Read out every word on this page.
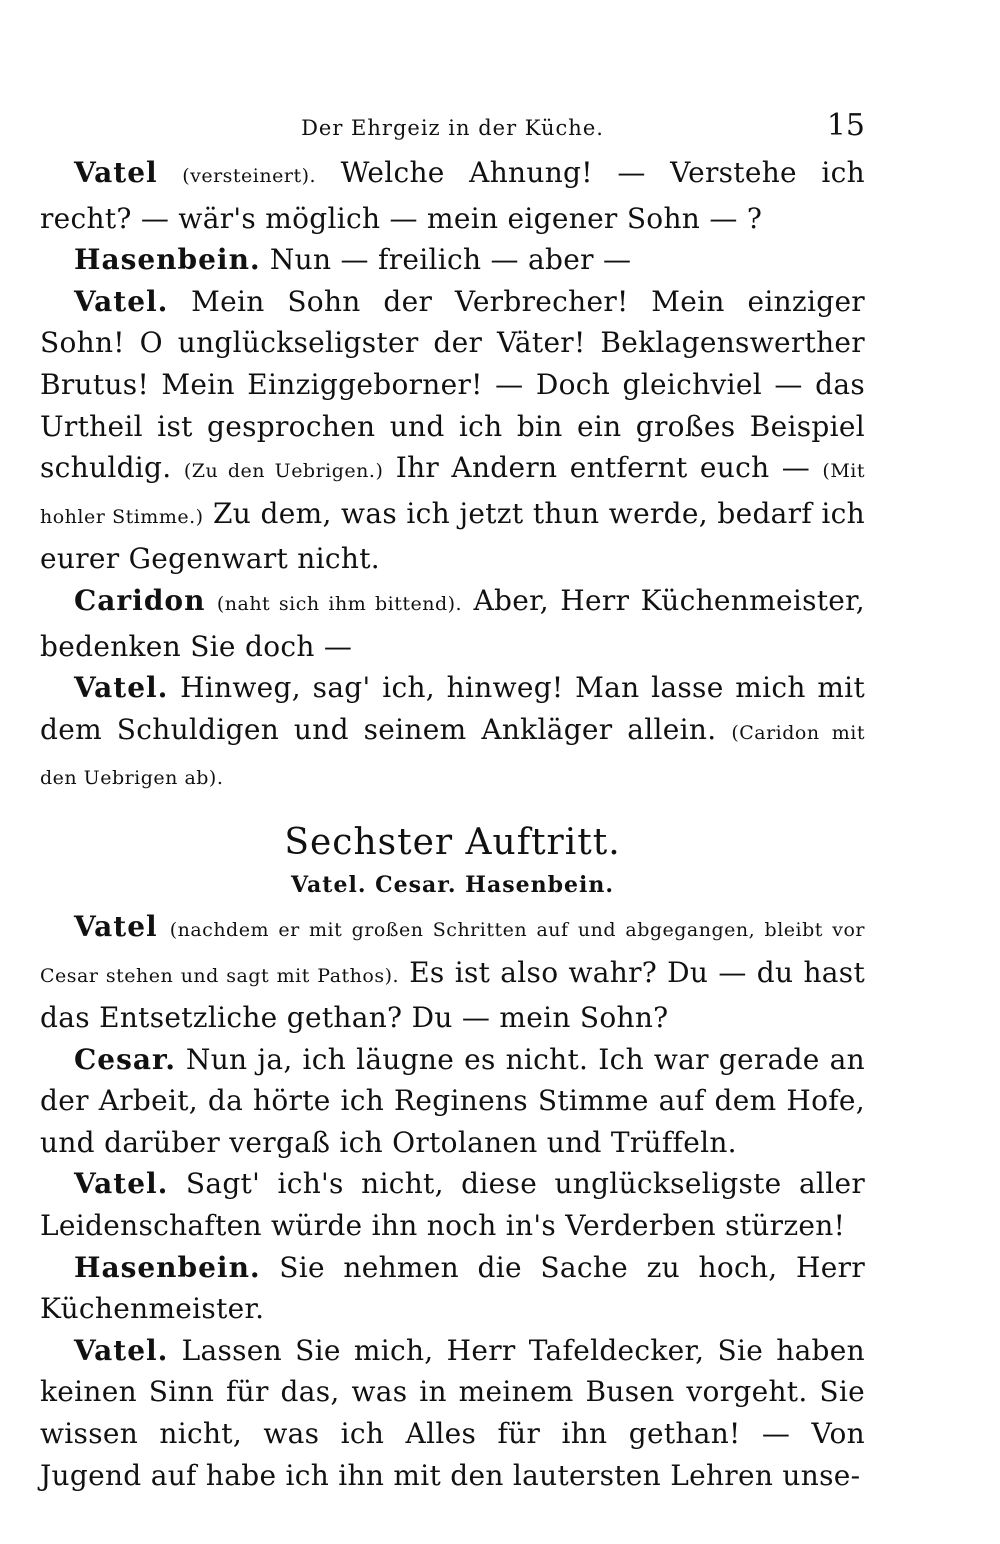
Der Ehrgeiz in der Küche.	15

Vatel (versteinert). Welche Ahnung! — Verstehe ich recht? — wär's möglich — mein eigener Sohn — ?

Hasenbein. Nun — freilich — aber —

Vatel. Mein Sohn der Verbrecher! Mein einziger Sohn! O unglückseligster der Väter! Beklagenswerther Brutus! Mein Einziggeborner! — Doch gleichviel — das Urtheil ist gesprochen und ich bin ein großes Beispiel schuldig. (Zu den Uebrigen.) Ihr Andern entfernt euch — (Mit hohler Stimme.) Zu dem, was ich jetzt thun werde, bedarf ich eurer Gegenwart nicht.

Caridon (naht sich ihm bittend). Aber, Herr Küchenmeister, bedenken Sie doch —

Vatel. Hinweg, sag' ich, hinweg! Man lasse mich mit dem Schuldigen und seinem Ankläger allein. (Caridon mit den Uebrigen ab).

Sechster Auftritt.
Vatel. Cesar. Hasenbein.

Vatel (nachdem er mit großen Schritten auf und abgegangen, bleibt vor Cesar stehen und sagt mit Pathos). Es ist also wahr? Du — du hast das Entsetzliche gethan? Du — mein Sohn?

Cesar. Nun ja, ich läugne es nicht. Ich war gerade an der Arbeit, da hörte ich Reginens Stimme auf dem Hofe, und darüber vergaß ich Ortolanen und Trüffeln.

Vatel. Sagt' ich's nicht, diese unglückseligste aller Leidenschaften würde ihn noch in's Verderben stürzen!

Hasenbein. Sie nehmen die Sache zu hoch, Herr Küchenmeister.

Vatel. Lassen Sie mich, Herr Tafeldecker, Sie haben keinen Sinn für das, was in meinem Busen vorgeht. Sie wissen nicht, was ich Alles für ihn gethan! — Von Jugend auf habe ich ihn mit den lautersten Lehren unse-
